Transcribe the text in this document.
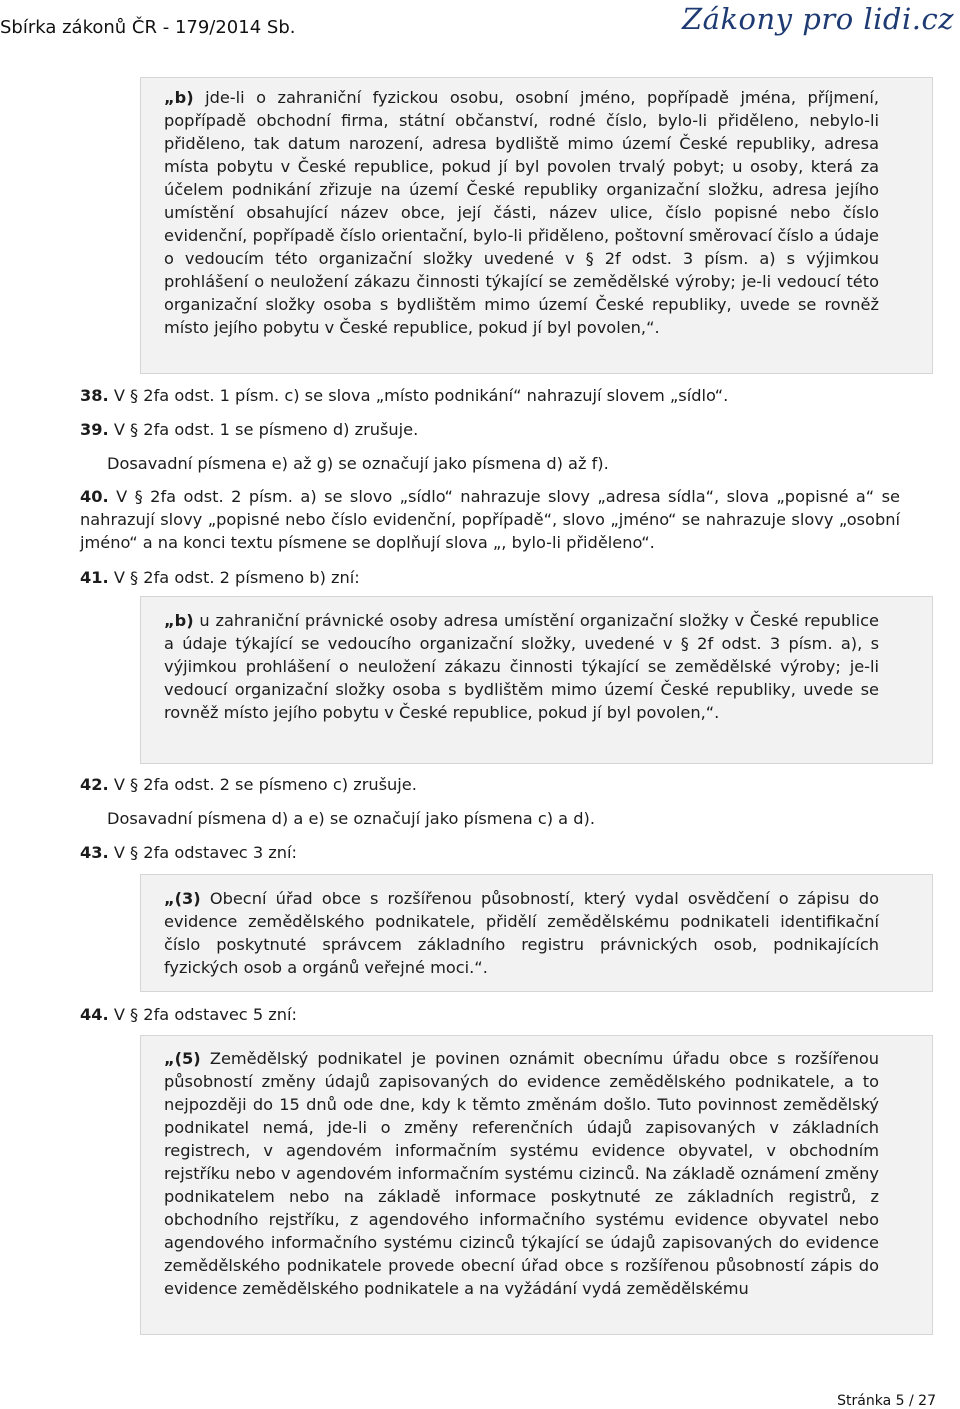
Sbírka zákonů ČR - 179/2014 Sb.	Zákony pro lidi.cz

„b) jde-li o zahraniční fyzickou osobu, osobní jméno, popřípadě jména, příjmení, popřípadě obchodní firma, státní občanství, rodné číslo, bylo-li přiděleno, nebylo-li přiděleno, tak datum narození, adresa bydliště mimo území České republiky, adresa místa pobytu v České republice, pokud jí byl povolen trvalý pobyt; u osoby, která za účelem podnikání zřizuje na území České republiky organizační složku, adresa jejího umístění obsahující název obce, její části, název ulice, číslo popisné nebo číslo evidenční, popřípadě číslo orientační, bylo-li přiděleno, poštovní směrovací číslo a údaje o vedoucím této organizační složky uvedené v § 2f odst. 3 písm. a) s výjimkou prohlášení o neuložení zákazu činnosti týkající se zemědělské výroby; je-li vedoucí této organizační složky osoba s bydlištěm mimo území České republiky, uvede se rovněž místo jejího pobytu v České republice, pokud jí byl povolen,“.

38. V § 2fa odst. 1 písm. c) se slova „místo podnikání“ nahrazují slovem „sídlo“.

39. V § 2fa odst. 1 se písmeno d) zrušuje.

Dosavadní písmena e) až g) se označují jako písmena d) až f).

40. V § 2fa odst. 2 písm. a) se slovo „sídlo“ nahrazuje slovy „adresa sídla“, slova „popisné a“ se nahrazují slovy „popisné nebo číslo evidenční, popřípadě“, slovo „jméno“ se nahrazuje slovy „osobní jméno“ a na konci textu písmene se doplňují slova „, bylo-li přiděleno“.

41. V § 2fa odst. 2 písmeno b) zní:

„b) u zahraniční právnické osoby adresa umístění organizační složky v České republice a údaje týkající se vedoucího organizační složky, uvedené v § 2f odst. 3 písm. a), s výjimkou prohlášení o neuložení zákazu činnosti týkající se zemědělské výroby; je-li vedoucí organizační složky osoba s bydlištěm mimo území České republiky, uvede se rovněž místo jejího pobytu v České republice, pokud jí byl povolen,“.

42. V § 2fa odst. 2 se písmeno c) zrušuje.

Dosavadní písmena d) a e) se označují jako písmena c) a d).

43. V § 2fa odstavec 3 zní:

„(3) Obecní úřad obce s rozšířenou působností, který vydal osvědčení o zápisu do evidence zemědělského podnikatele, přidělí zemědělskému podnikateli identifikační číslo poskytnuté správcem základního registru právnických osob, podnikajících fyzických osob a orgánů veřejné moci.“.

44. V § 2fa odstavec 5 zní:

„(5) Zemědělský podnikatel je povinen oznámit obecnímu úřadu obce s rozšířenou působností změny údajů zapisovaných do evidence zemědělského podnikatele, a to nejpozději do 15 dnů ode dne, kdy k těmto změnám došlo. Tuto povinnost zemědělský podnikatel nemá, jde-li o změny referenčních údajů zapisovaných v základních registrech, v agendovém informačním systému evidence obyvatel, v obchodním rejstříku nebo v agendovém informačním systému cizinců. Na základě oznámení změny podnikatelem nebo na základě informace poskytnuté ze základních registrů, z obchodního rejstříku, z agendového informačního systému evidence obyvatel nebo agendového informačního systému cizinců týkající se údajů zapisovaných do evidence zemědělského podnikatele provede obecní úřad obce s rozšířenou působností zápis do evidence zemědělského podnikatele a na vyžádání vydá zemědělskému

Stránka 5 / 27
